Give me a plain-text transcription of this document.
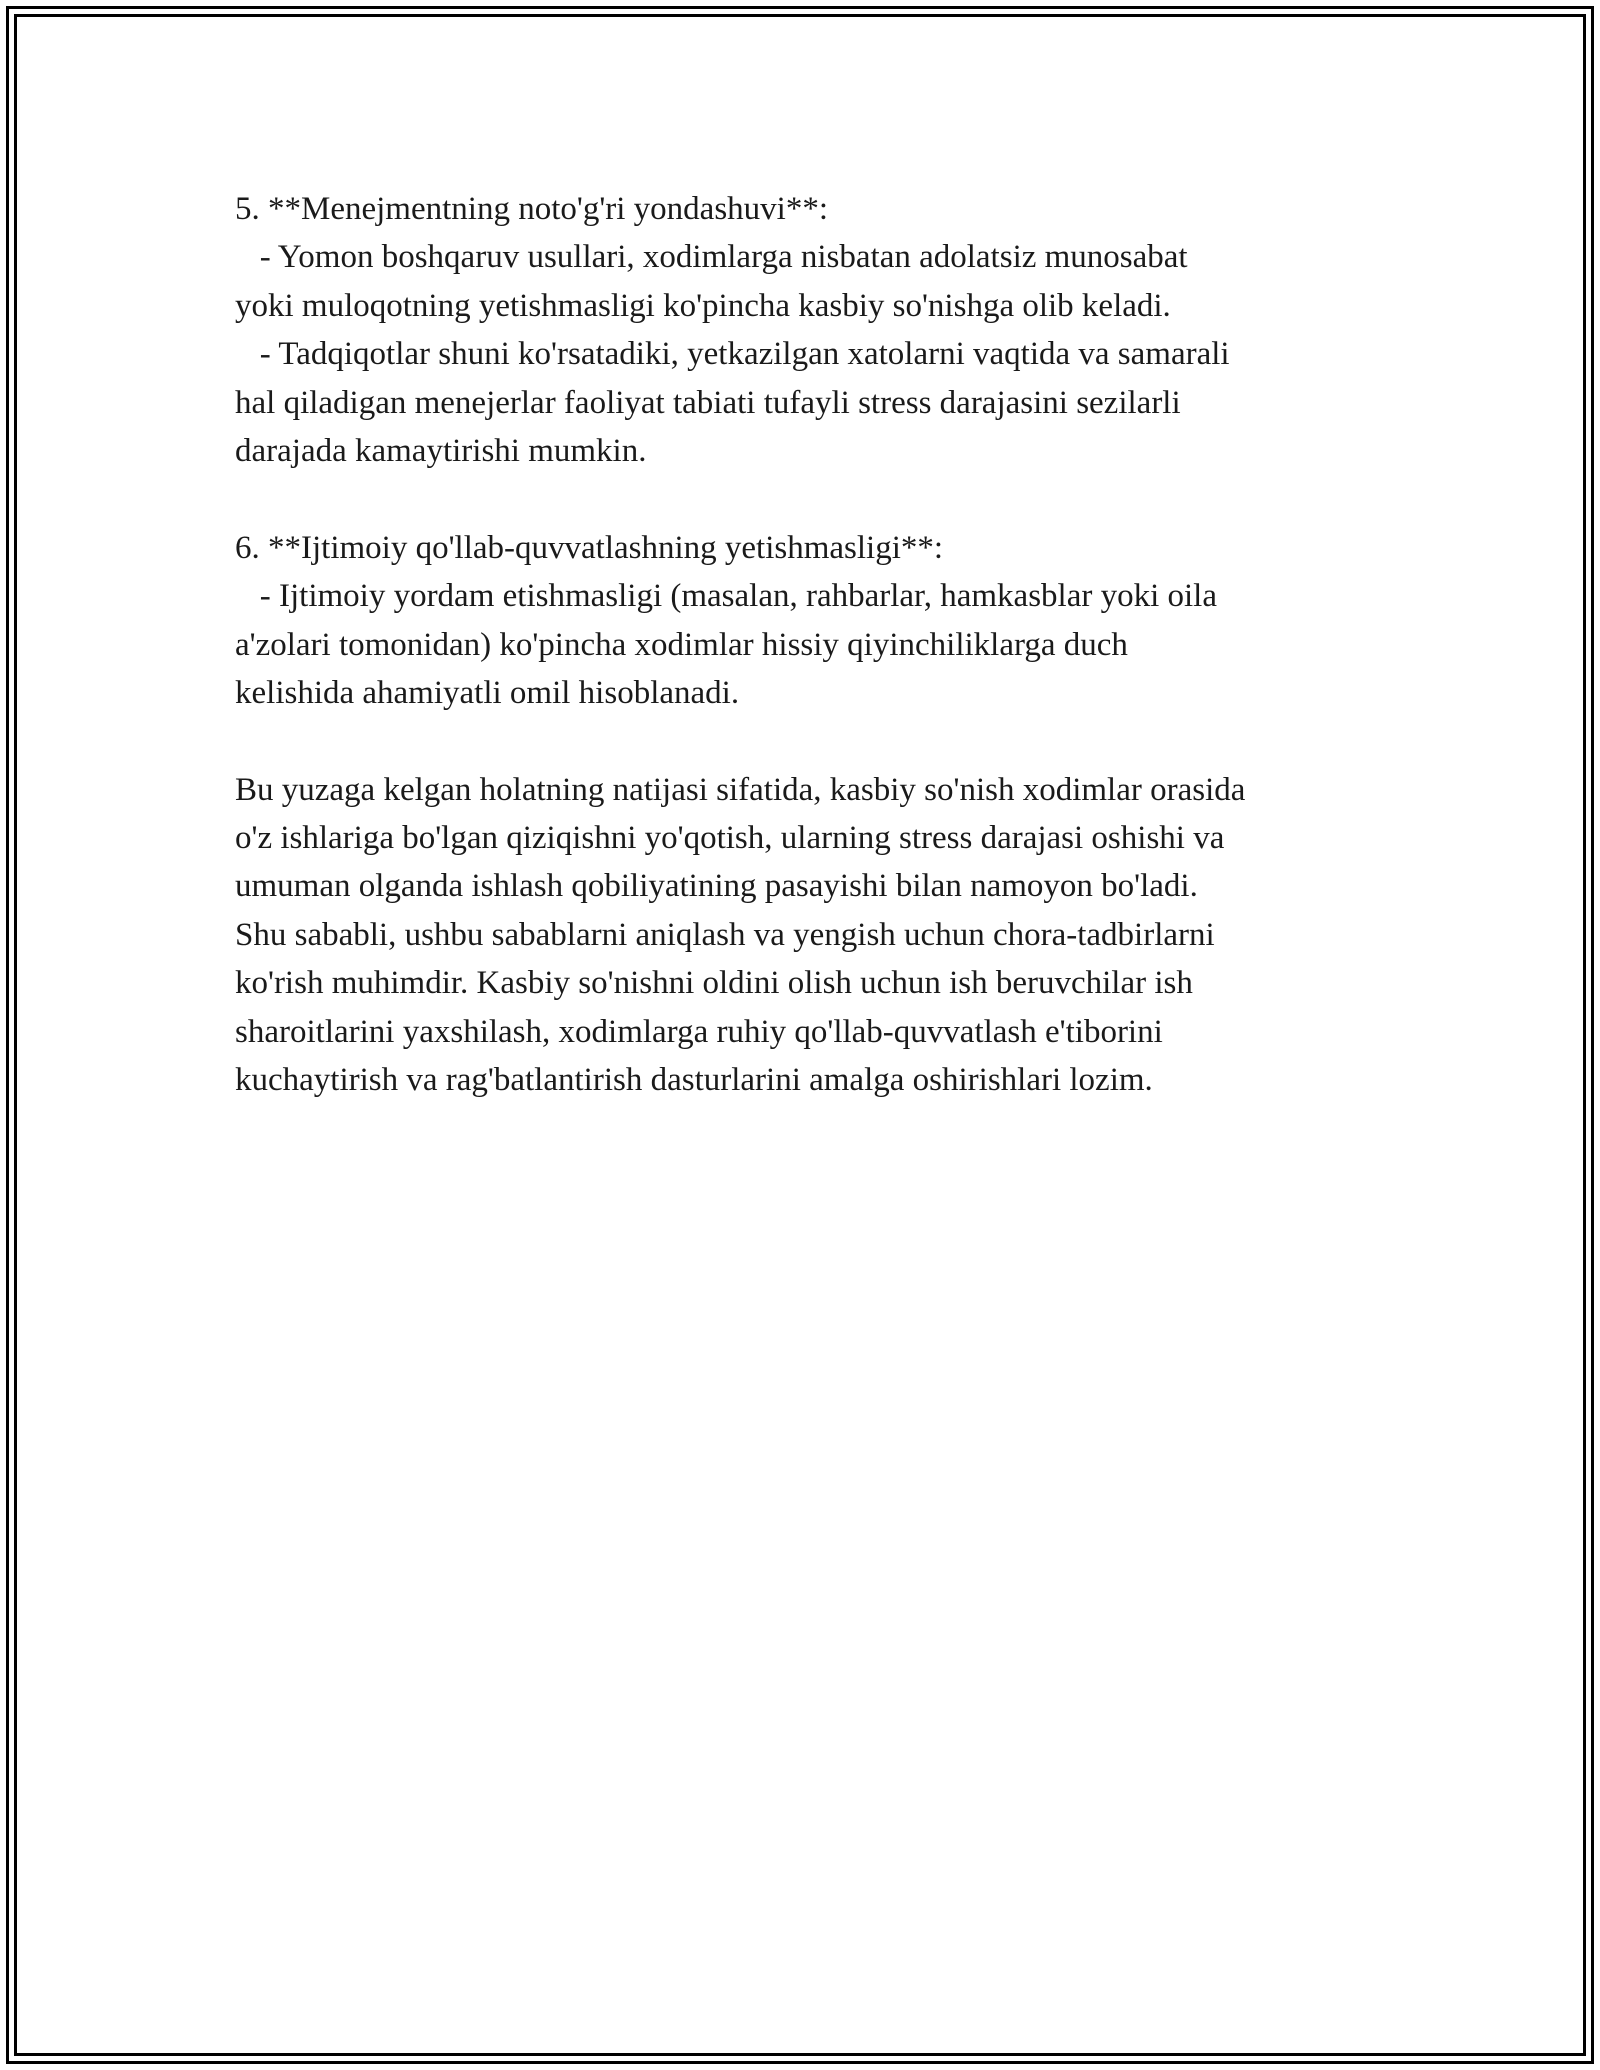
5. **Menejmentning noto'g'ri yondashuvi**:
- Yomon boshqaruv usullari, xodimlarga nisbatan adolatsiz munosabat
yoki muloqotning yetishmasligi ko'pincha kasbiy so'nishga olib keladi.
- Tadqiqotlar shuni ko'rsatadiki, yetkazilgan xatolarni vaqtida va samarali
hal qiladigan menejerlar faoliyat tabiati tufayli stress darajasini sezilarli
darajada kamaytirishi mumkin.
6. **Ijtimoiy qo'llab-quvvatlashning yetishmasligi**:
- Ijtimoiy yordam etishmasligi (masalan, rahbarlar, hamkasblar yoki oila
a'zolari tomonidan) ko'pincha xodimlar hissiy qiyinchiliklarga duch
kelishida ahamiyatli omil hisoblanadi.
Bu yuzaga kelgan holatning natijasi sifatida, kasbiy so'nish xodimlar orasida
o'z ishlariga bo'lgan qiziqishni yo'qotish, ularning stress darajasi oshishi va
umuman olganda ishlash qobiliyatining pasayishi bilan namoyon bo'ladi.
Shu sababli, ushbu sabablarni aniqlash va yengish uchun chora-tadbirlarni
ko'rish muhimdir. Kasbiy so'nishni oldini olish uchun ish beruvchilar ish
sharoitlarini yaxshilash, xodimlarga ruhiy qo'llab-quvvatlash e'tiborini
kuchaytirish va rag'batlantirish dasturlarini amalga oshirishlari lozim.
